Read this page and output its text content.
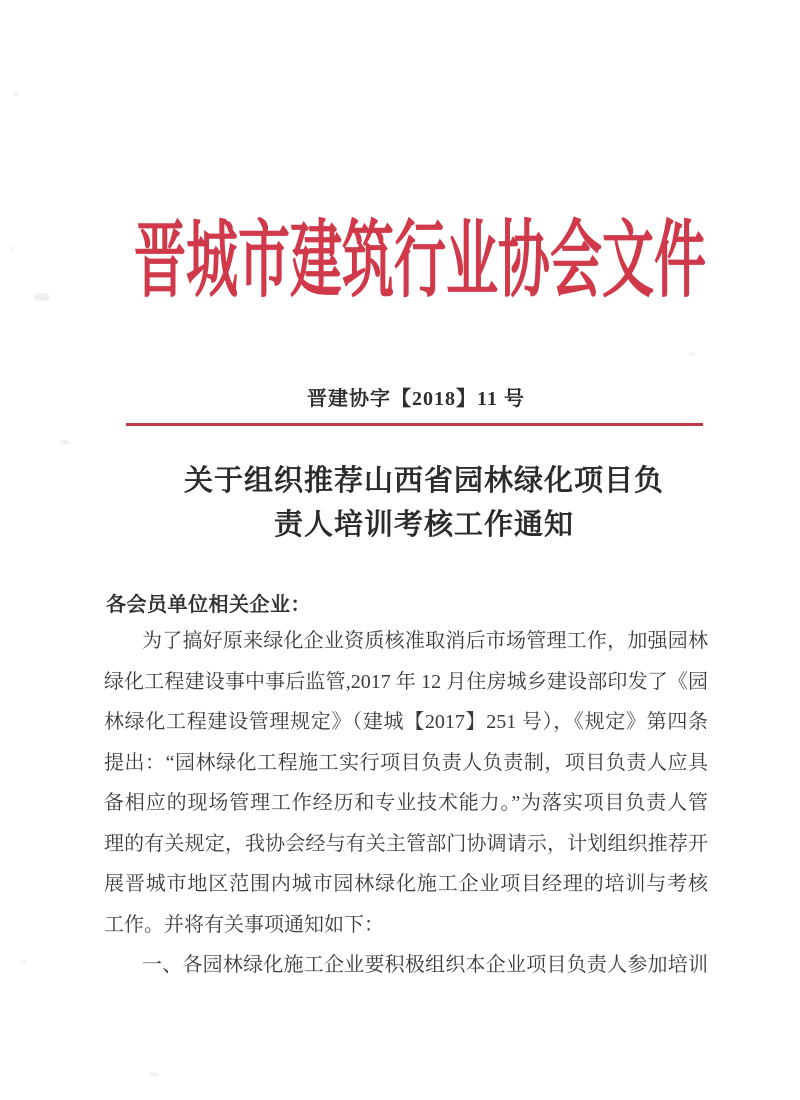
晋城市建筑行业协会文件
晋建协字【2018】11 号
关于组织推荐山西省园林绿化项目负
责人培训考核工作通知
各会员单位相关企业：
为了搞好原来绿化企业资质核准取消后市场管理工作，加强园林
绿化工程建设事中事后监管,2017 年 12 月住房城乡建设部印发了《园
林绿化工程建设管理规定》（建城【2017】251 号），《规定》第四条
提出：“园林绿化工程施工实行项目负责人负责制，项目负责人应具
备相应的现场管理工作经历和专业技术能力。”为落实项目负责人管
理的有关规定，我协会经与有关主管部门协调请示，计划组织推荐开
展晋城市地区范围内城市园林绿化施工企业项目经理的培训与考核
工作。并将有关事项通知如下：
一、各园林绿化施工企业要积极组织本企业项目负责人参加培训
